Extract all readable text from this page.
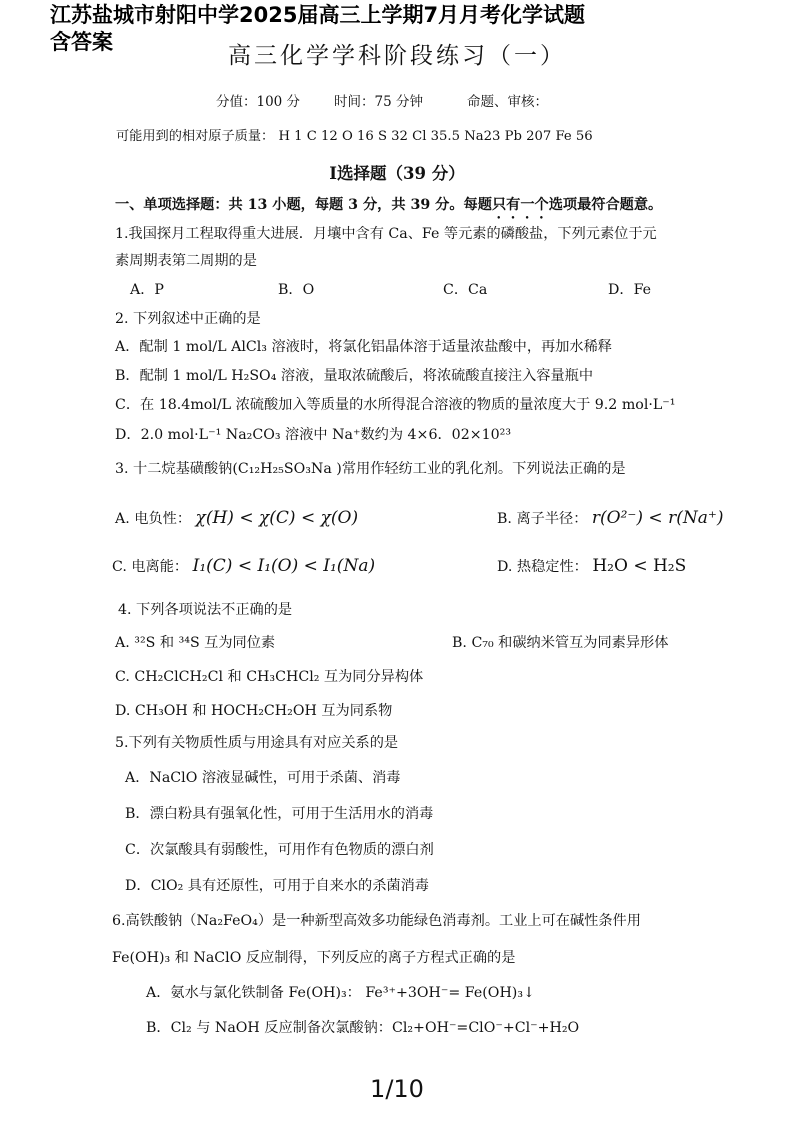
江苏盐城市射阳中学2025届高三上学期7月月考化学试题
含答案
高三化学学科阶段练习（一）
分值：100 分	时间：75 分钟	命题、审核：
可能用到的相对原子质量： H 1 C 12 O 16 S 32 Cl 35.5 Na23 Pb 207 Fe 56
Ⅰ选择题（39 分）
一、单项选择题：共 13 小题，每题 3 分，共 39 分。每题只有一个选项最符合题意。
1.我国探月工程取得重大进展．月壤中含有 Ca、Fe 等元素的磷酸盐，下列元素位于元
素周期表第二周期的是
A．P	B．O	C．Ca	D．Fe
2. 下列叙述中正确的是
A．配制 1 mol/L AlCl₃ 溶液时，将氯化铝晶体溶于适量浓盐酸中，再加水稀释
B．配制 1 mol/L H₂SO₄ 溶液，量取浓硫酸后，将浓硫酸直接注入容量瓶中
C．在 18.4mol/L 浓硫酸加入等质量的水所得混合溶液的物质的量浓度大于 9.2 mol·L⁻¹
D．2.0 mol·L⁻¹ Na₂CO₃ 溶液中 Na⁺数约为 4×6．02×10²³
3. 十二烷基磺酸钠(C₁₂H₂₅SO₃Na )常用作轻纺工业的乳化剂。下列说法正确的是
A. 电负性： χ(H) < χ(C) < χ(O)	B. 离子半径： r(O²⁻) < r(Na⁺)
C. 电离能： I₁(C) < I₁(O) < I₁(Na)	D. 热稳定性： H₂O < H₂S
4. 下列各项说法不正确的是
A. ³²S 和 ³⁴S 互为同位素	B. C₇₀ 和碳纳米管互为同素异形体
C. CH₂ClCH₂Cl 和 CH₃CHCl₂ 互为同分异构体
D. CH₃OH 和 HOCH₂CH₂OH 互为同系物
5.下列有关物质性质与用途具有对应关系的是
A．NaClO 溶液显碱性，可用于杀菌、消毒
B．漂白粉具有强氧化性，可用于生活用水的消毒
C．次氯酸具有弱酸性，可用作有色物质的漂白剂
D．ClO₂ 具有还原性，可用于自来水的杀菌消毒
6.高铁酸钠（Na₂FeO₄）是一种新型高效多功能绿色消毒剂。工业上可在碱性条件用
Fe(OH)₃ 和 NaClO 反应制得，下列反应的离子方程式正确的是
A．氨水与氯化铁制备 Fe(OH)₃： Fe³⁺+3OH⁻= Fe(OH)₃↓
B．Cl₂ 与 NaOH 反应制备次氯酸钠：Cl₂+OH⁻=ClO⁻+Cl⁻+H₂O
1/10
